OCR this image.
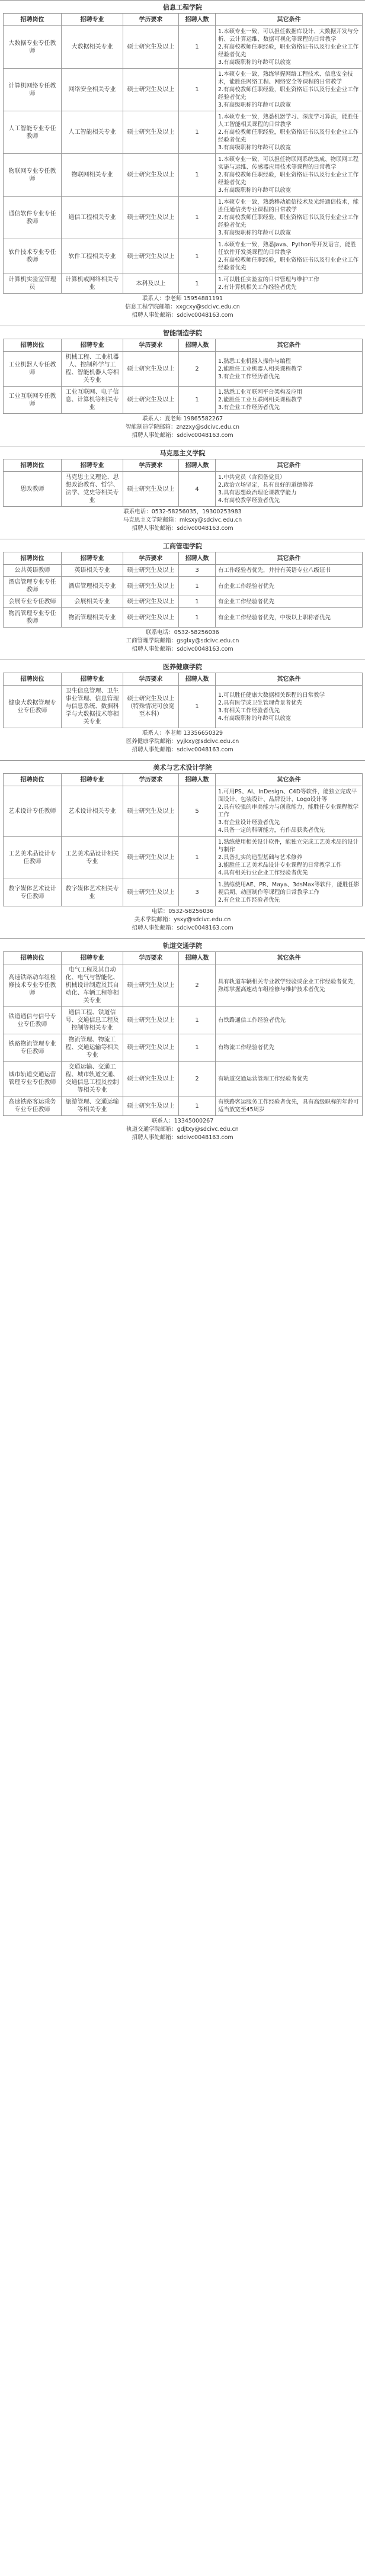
信息工程学院
招聘岗位	招聘专业	学历要求	招聘人数	其它条件
大数据专业专任教师	大数据相关专业	硕士研究生及以上	1	1.本硕专业一致，可以担任数据库设计、大数据开发与分析、云计算运维、数据可视化等课程的日常教学
2.有高校教师任职经验，职业资格证书以及行业企业工作经验者优先
3.有高级职称的年龄可以放宽
计算机网络专任教师	网络安全相关专业	硕士研究生及以上	1	1.本硕专业一致，熟练掌握网络工程技术、信息安全技术，能胜任网络工程、网络安全等课程的日常教学
2.有高校教师任职经验，职业资格证书以及行业企业工作经验者优先
3.有高级职称的年龄可以放宽
人工智能专业专任教师	人工智能相关专业	硕士研究生及以上	1	1.本硕专业一致，熟悉机器学习、深度学习算法，能胜任人工智能相关课程的日常教学
2.有高校教师任职经验，职业资格证书以及行业企业工作经验者优先
3.有高级职称的年龄可以放宽
物联网专业专任教师	物联网相关专业	硕士研究生及以上	1	1.本硕专业一致，可以担任物联网系统集成、物联网工程实施与运维、传感器应用技术等课程的日常教学
2.有高校教师任职经验，职业资格证书以及行业企业工作经验者优先
3.有高级职称的年龄可以放宽
通信软件专业专任教师	通信工程相关专业	硕士研究生及以上	1	1.本硕专业一致，熟悉移动通信技术及光纤通信技术，能胜任通信类专业课程的日常教学
2.有高校教师任职经验，职业资格证书以及行业企业工作经验者优先
3.有高级职称的年龄可以放宽
软件技术专业专任教师	软件工程相关专业	硕士研究生及以上	1	1.本硕专业一致，熟悉Java、Python等开发语言，能胜任软件开发类课程的日常教学
2.有高校教师任职经验，职业资格证书以及行业企业工作经验者优先
计算机实验室管理员	计算机或网络相关专业	本科及以上	1	1.可以胜任实验室的日常管理与维护工作
2.有计算机相关工作经验者优先
联系人：李老师 15954881191
信息工程学院邮箱：xxgcxy@sdcivc.edu.cn
招聘人事处邮箱：sdcivc0048163.com
智能制造学院
招聘岗位	招聘专业	学历要求	招聘人数	其它条件
工业机器人专任教师	机械工程、工业机器人、控制科学与工程、智能机器人等相关专业	硕士研究生及以上	2	1.熟悉工业机器人操作与编程
2.能胜任工业机器人相关课程教学
3.有企业工作经历者优先
工业互联网专任教师	工业互联网、电子信息、计算机等相关专业	硕士研究生及以上	1	1.熟悉工业互联网平台架构及应用
2.能胜任工业互联网相关课程教学
3.有企业工作经历者优先
联系人：夏老师 19865582267
智能制造学院邮箱：znzzxy@sdcivc.edu.cn
招聘人事处邮箱：sdcivc0048163.com
马克思主义学院
招聘岗位	招聘专业	学历要求	招聘人数	其它条件
思政教师	马克思主义理论、思想政治教育、哲学、法学、党史等相关专业	硕士研究生及以上	4	1.中共党员（含预备党员）
2.政治立场坚定，具有良好的道德修养
3.具有思想政治理论课教学能力
4.有高校教学经验者优先
联系电话：0532-58256035，19300253983
马克思主义学院邮箱：mksxy@sdcivc.edu.cn
招聘人事处邮箱：sdcivc0048163.com
工商管理学院
招聘岗位	招聘专业	学历要求	招聘人数	其它条件
公共英语教师	英语相关专业	硕士研究生及以上	3	有工作经验者优先，并持有英语专业八级证书
酒店管理专业专任教师	酒店管理相关专业	硕士研究生及以上	1	有企业工作经验者优先
会展专业专任教师	会展相关专业	硕士研究生及以上	1	有企业工作经验者优先
物流管理专业专任教师	物流管理相关专业	硕士研究生及以上	1	有企业工作经验者优先，中级以上职称者优先
联系电话：0532-58256036
工商管理学院邮箱：gsglxy@sdcivc.edu.cn
招聘人事处邮箱：sdcivc0048163.com
医养健康学院
招聘岗位	招聘专业	学历要求	招聘人数	其它条件
健康大数据管理专业专任教师	卫生信息管理、卫生事业管理、信息管理与信息系统、数据科学与大数据技术等相关专业	硕士研究生及以上（特殊情况可放宽至本科）	1	1.可以胜任健康大数据相关课程的日常教学
2.具有医学或卫生管理背景者优先
3.有相关工作经验者优先
4.有高级职称的年龄可以放宽
联系人：李老师 13356650329
医养健康学院邮箱：yyjkxy@sdcivc.edu.cn
招聘人事处邮箱：sdcivc0048163.com
美术与艺术设计学院
招聘岗位	招聘专业	学历要求	招聘人数	其它条件
艺术设计专任教师	艺术设计相关专业	硕士研究生及以上	5	1.可用PS、AI、InDesign、C4D等软件，能独立完成平面设计、包装设计、品牌设计、Logo设计等
2.具有较强的审美能力与创意能力，能胜任专业课程教学工作
3.有企业设计经验者优先
4.具备一定的科研能力，有作品获奖者优先
工艺美术品设计专任教师	工艺美术品设计相关专业	硕士研究生及以上	1	1.熟练使用相关设计软件，能独立完成工艺美术品的设计与制作
2.具备扎实的造型基础与艺术修养
3.能胜任工艺美术品设计专业课程的日常教学工作
4.具有相关行业企业工作经验者优先
数字媒体艺术设计专任教师	数字媒体艺术相关专业	硕士研究生及以上	3	1.熟练使用AE、PR、Maya、3dsMax等软件，能胜任影视后期、动画制作等课程的日常教学工作
2.有企业工作经验者优先
电话：0532-58256036
美术学院邮箱：ysxy@sdcivc.edu.cn
招聘人事处邮箱：sdcivc0048163.com
轨道交通学院
招聘岗位	招聘专业	学历要求	招聘人数	其它条件
高速铁路动车组检修技术专业专任教师	电气工程及其自动化、电气与智能化、机械设计制造及其自动化、车辆工程等相关专业	硕士研究生及以上	2	具有轨道车辆相关专业教学经验或企业工作经验者优先，熟练掌握高速动车组检修与维护技术者优先
铁道通信与信号专业专任教师	通信工程、铁道信号、交通信息工程及控制等相关专业	硕士研究生及以上	1	有铁路通信工作经验者优先
铁路物流管理专业专任教师	物流管理、物流工程、交通运输等相关专业	硕士研究生及以上	1	有物流工作经验者优先
城市轨道交通运营管理专业专任教师	交通运输、交通工程、城市轨道交通、交通信息工程及控制等相关专业	硕士研究生及以上	2	有轨道交通运营管理工作经验者优先
高速铁路客运乘务专业专任教师	旅游管理、交通运输等相关专业	硕士研究生及以上	1	有铁路客运服务工作经验者优先，具有高级职称的年龄可适当放宽至45周岁
联系人：13345000267
轨道交通学院邮箱：gdjtxy@sdcivc.edu.cn
招聘人事处邮箱：sdcivc0048163.com
